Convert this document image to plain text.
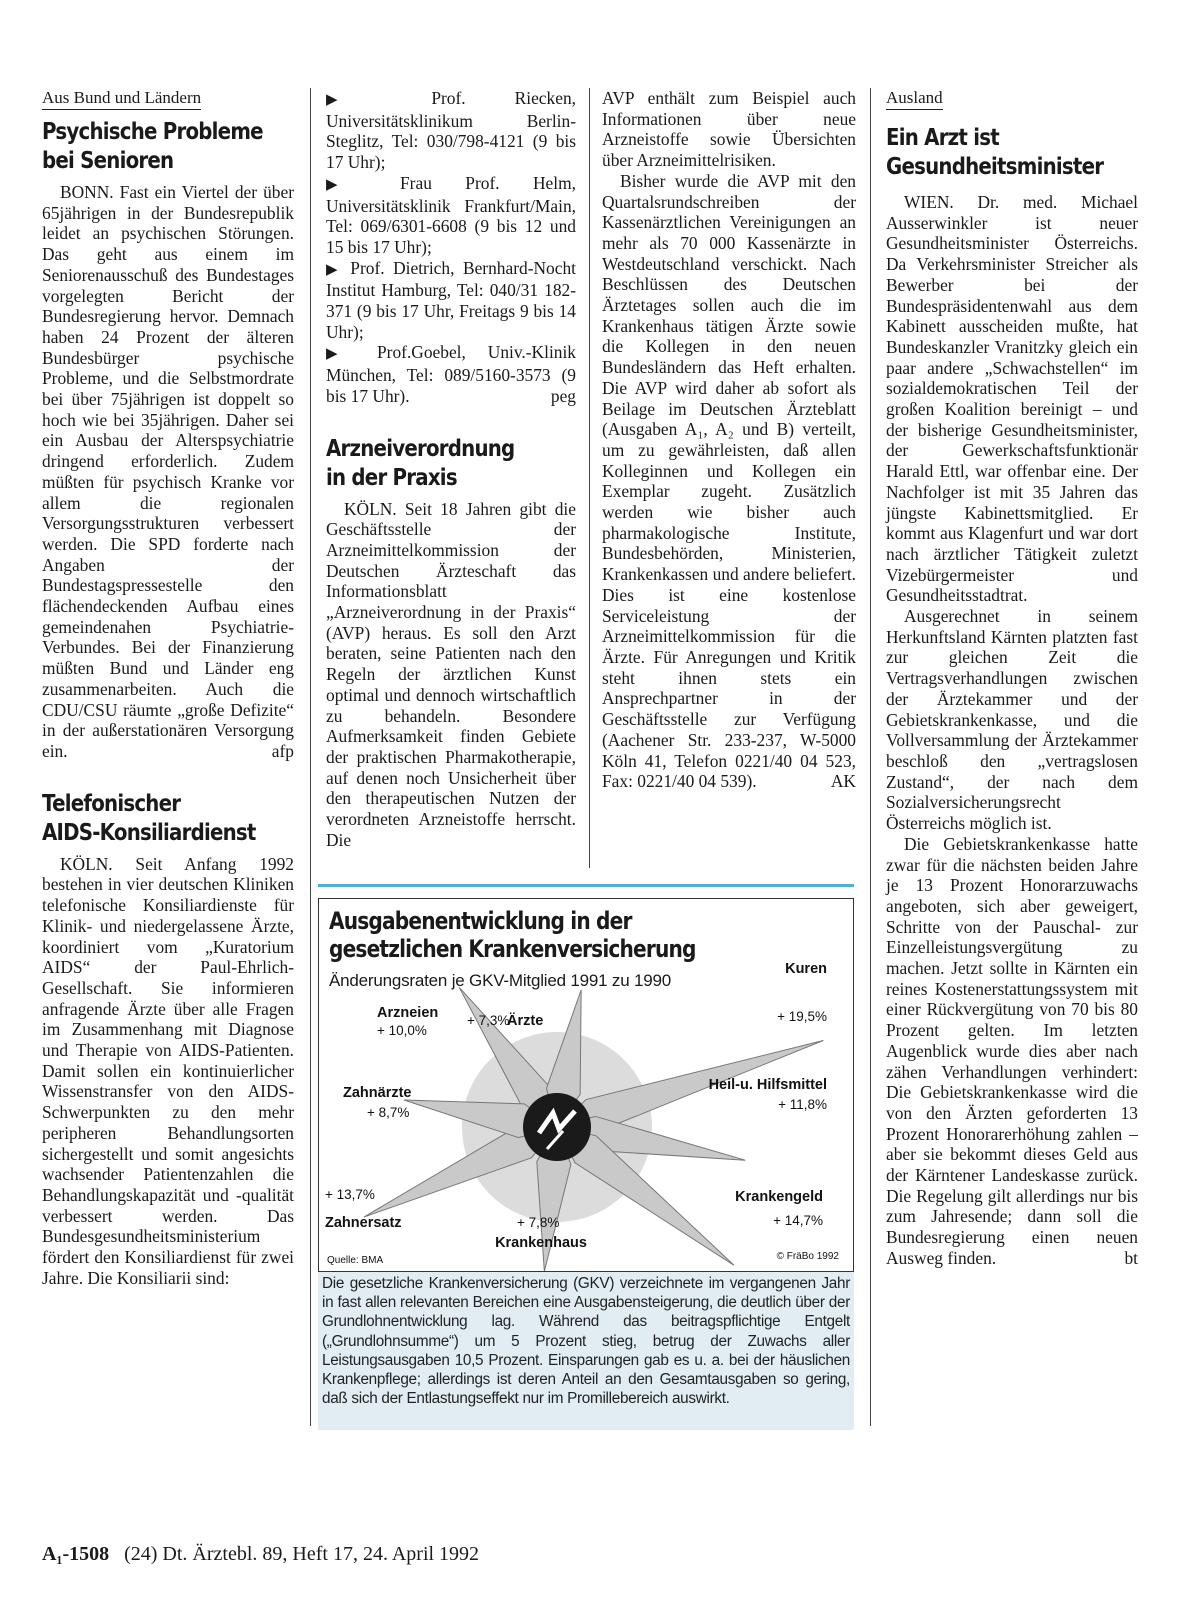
Aus Bund und Ländern
Psychische Probleme
bei Senioren

BONN. Fast ein Viertel der über 65jährigen in der Bundesrepublik leidet an psychischen Störungen. Das geht aus einem im Seniorenausschuß des Bundestages vorgelegten Bericht der Bundesregierung hervor. Demnach haben 24 Prozent der älteren Bundesbürger psychische Probleme, und die Selbstmordrate bei über 75jährigen ist doppelt so hoch wie bei 35jährigen. Daher sei ein Ausbau der Alterspsychiatrie dringend erforderlich. Zudem müßten für psychisch Kranke vor allem die regionalen Versorgungsstrukturen verbessert werden. Die SPD forderte nach Angaben der Bundestagspressestelle den flächendeckenden Aufbau eines gemeindenahen Psychiatrie-Verbundes. Bei der Finanzierung müßten Bund und Länder eng zusammenarbeiten. Auch die CDU/CSU räumte „große Defizite“ in der außerstationären Versorgung ein.	afp

Telefonischer
AIDS-Konsiliardienst

KÖLN. Seit Anfang 1992 bestehen in vier deutschen Kliniken telefonische Konsiliardienste für Klinik- und niedergelassene Ärzte, koordiniert vom „Kuratorium AIDS“ der Paul-Ehrlich-Gesellschaft. Sie informieren anfragende Ärzte über alle Fragen im Zusammenhang mit Diagnose und Therapie von AIDS-Patienten. Damit sollen ein kontinuierlicher Wissenstransfer von den AIDS-Schwerpunkten zu den mehr peripheren Behandlungsorten sichergestellt und somit angesichts wachsender Patientenzahlen die Behandlungskapazität und -qualität verbessert werden. Das Bundesgesundheitsministerium fördert den Konsiliardienst für zwei Jahre. Die Konsiliarii sind:

▶	Prof. Riecken, Universitätsklinikum Berlin-Steglitz, Tel: 030/798-4121 (9 bis 17 Uhr);

▶ Frau Prof. Helm, Universitätsklinik Frankfurt/Main, Tel: 069/6301-6608 (9 bis 12 und 15 bis 17 Uhr);

▶ Prof. Dietrich, Bernhard-Nocht Institut Hamburg, Tel: 040/31 182-371 (9 bis 17 Uhr, Freitags 9 bis 14 Uhr);

▶ Prof.Goebel, Univ.-Klinik München, Tel: 089/5160-3573 (9 bis 17 Uhr).	peg

Arzneiverordnung
in der Praxis

KÖLN. Seit 18 Jahren gibt die Geschäftsstelle der Arzneimittelkommission der Deutschen Ärzteschaft das Informationsblatt „Arzneiverordnung in der Praxis“ (AVP) heraus. Es soll den Arzt beraten, seine Patienten nach den Regeln der ärztlichen Kunst optimal und dennoch wirtschaftlich zu behandeln. Besondere Aufmerksamkeit finden Gebiete der praktischen Pharmakotherapie, auf denen noch Unsicherheit über den therapeutischen Nutzen der verordneten Arzneistoffe herrscht. Die

AVP enthält zum Beispiel auch Informationen über neue Arzneistoffe sowie Übersichten über Arzneimittelrisiken.

Bisher wurde die AVP mit den Quartalsrundschreiben der Kassenärztlichen Vereinigungen an mehr als 70 000 Kassenärzte in Westdeutschland verschickt. Nach Beschlüssen des Deutschen Ärztetages sollen auch die im Krankenhaus tätigen Ärzte sowie die Kollegen in den neuen Bundesländern das Heft erhalten. Die AVP wird daher ab sofort als Beilage im Deutschen Ärzteblatt (Ausgaben A₁, A₂ und B) verteilt, um zu gewährleisten, daß allen Kolleginnen und Kollegen ein Exemplar zugeht. Zusätzlich werden wie bisher auch pharmakologische Institute, Bundesbehörden, Ministerien, Krankenkassen und andere beliefert. Dies ist eine kostenlose Serviceleistung der Arzneimittelkommission für die Ärzte. Für Anregungen und Kritik steht ihnen stets ein Ansprechpartner in der Geschäftsstelle zur Verfügung (Aachener Str. 233-237, W-5000 Köln 41, Telefon 0221/40 04 523, Fax: 0221/40 04 539).	AK

Ausland
Ein Arzt ist
Gesundheitsminister

WIEN. Dr. med. Michael Ausserwinkler ist neuer Gesundheitsminister Österreichs. Da Verkehrsminister Streicher als Bewerber bei der Bundespräsidentenwahl aus dem Kabinett ausscheiden mußte, hat Bundeskanzler Vranitzky gleich ein paar andere „Schwachstellen“ im sozialdemokratischen Teil der großen Koalition bereinigt – und der bisherige Gesundheitsminister, der Gewerkschaftsfunktionär Harald Ettl, war offenbar eine. Der Nachfolger ist mit 35 Jahren das jüngste Kabinettsmitglied. Er kommt aus Klagenfurt und war dort nach ärztlicher Tätigkeit zuletzt Vizebürgermeister und Gesundheitsstadtrat.

Ausgerechnet in seinem Herkunftsland Kärnten platzten fast zur gleichen Zeit die Vertragsverhandlungen zwischen der Ärztekammer und der Gebietskrankenkasse, und die Vollversammlung der Ärztekammer beschloß den „vertragslosen Zustand“, der nach dem Sozialversicherungsrecht Österreichs möglich ist.

Die Gebietskrankenkasse hatte zwar für die nächsten beiden Jahre je 13 Prozent Honorarzuwachs angeboten, sich aber geweigert, Schritte von der Pauschal- zur Einzelleistungsvergütung zu machen. Jetzt sollte in Kärnten ein reines Kostenerstattungssystem mit einer Rückvergütung von 70 bis 80 Prozent gelten. Im letzten Augenblick wurde dies aber nach zähen Verhandlungen verhindert: Die Gebietskrankenkasse wird die von den Ärzten geforderten 13 Prozent Honorarerhöhung zahlen – aber sie bekommt dieses Geld aus der Kärntener Landeskasse zurück. Die Regelung gilt allerdings nur bis zum Jahresende; dann soll die Bundesregierung einen neuen Ausweg finden.	bt

Ausgabenentwicklung in der
gesetzlichen Krankenversicherung
Änderungsraten je GKV-Mitglied 1991 zu 1990
Arzneien
+ 10,0%
Ärzte
+ 7,3%
Kuren
+ 19,5%
Heil-u. Hilfsmittel
+ 11,8%
Krankengeld
+ 14,7%
Krankenhaus
+ 7,8%
Zahnersatz
+ 13,7%
Zahnärzte
+ 8,7%
Quelle: BMA	© FräBo 1992
Die gesetzliche Krankenversicherung (GKV) verzeichnete im vergangenen Jahr in fast allen relevanten Bereichen eine Ausgabensteigerung, die deutlich über der Grundlohnentwicklung lag. Während das beitragspflichtige Entgelt („Grundlohnsumme“) um 5 Prozent stieg, betrug der Zuwachs aller Leistungsausgaben 10,5 Prozent. Einsparungen gab es u. a. bei der häuslichen Krankenpflege; allerdings ist deren Anteil an den Gesamtausgaben so gering, daß sich der Entlastungseffekt nur im Promillebereich auswirkt.
A₁-1508 (24) Dt. Ärztebl. 89, Heft 17, 24. April 1992
